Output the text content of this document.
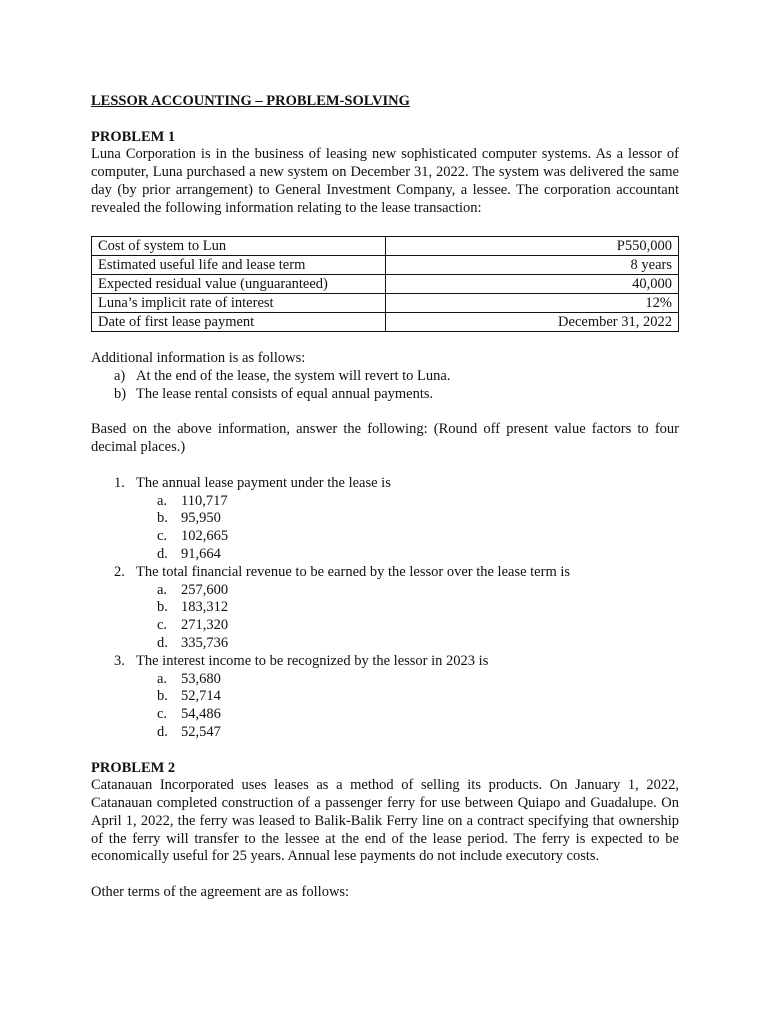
LESSOR ACCOUNTING – PROBLEM-SOLVING

PROBLEM 1

Luna Corporation is in the business of leasing new sophisticated computer systems. As a lessor of computer, Luna purchased a new system on December 31, 2022. The system was delivered the same day (by prior arrangement) to General Investment Company, a lessee. The corporation accountant revealed the following information relating to the lease transaction:

Cost of system to Lun	P550,000
Estimated useful life and lease term	8 years
Expected residual value (unguaranteed)	40,000
Luna’s implicit rate of interest	12%
Date of first lease payment	December 31, 2022

Additional information is as follows:

a) At the end of the lease, the system will revert to Luna.
b) The lease rental consists of equal annual payments.

Based on the above information, answer the following: (Round off present value factors to four decimal places.)

1. The annual lease payment under the lease is
a. 110,717
b. 95,950
c. 102,665
d. 91,664
2. The total financial revenue to be earned by the lessor over the lease term is
a. 257,600
b. 183,312
c. 271,320
d. 335,736
3. The interest income to be recognized by the lessor in 2023 is
a. 53,680
b. 52,714
c. 54,486
d. 52,547

PROBLEM 2

Catanauan Incorporated uses leases as a method of selling its products. On January 1, 2022, Catanauan completed construction of a passenger ferry for use between Quiapo and Guadalupe. On April 1, 2022, the ferry was leased to Balik-Balik Ferry line on a contract specifying that ownership of the ferry will transfer to the lessee at the end of the lease period. The ferry is expected to be economically useful for 25 years. Annual lese payments do not include executory costs.

Other terms of the agreement are as follows:
